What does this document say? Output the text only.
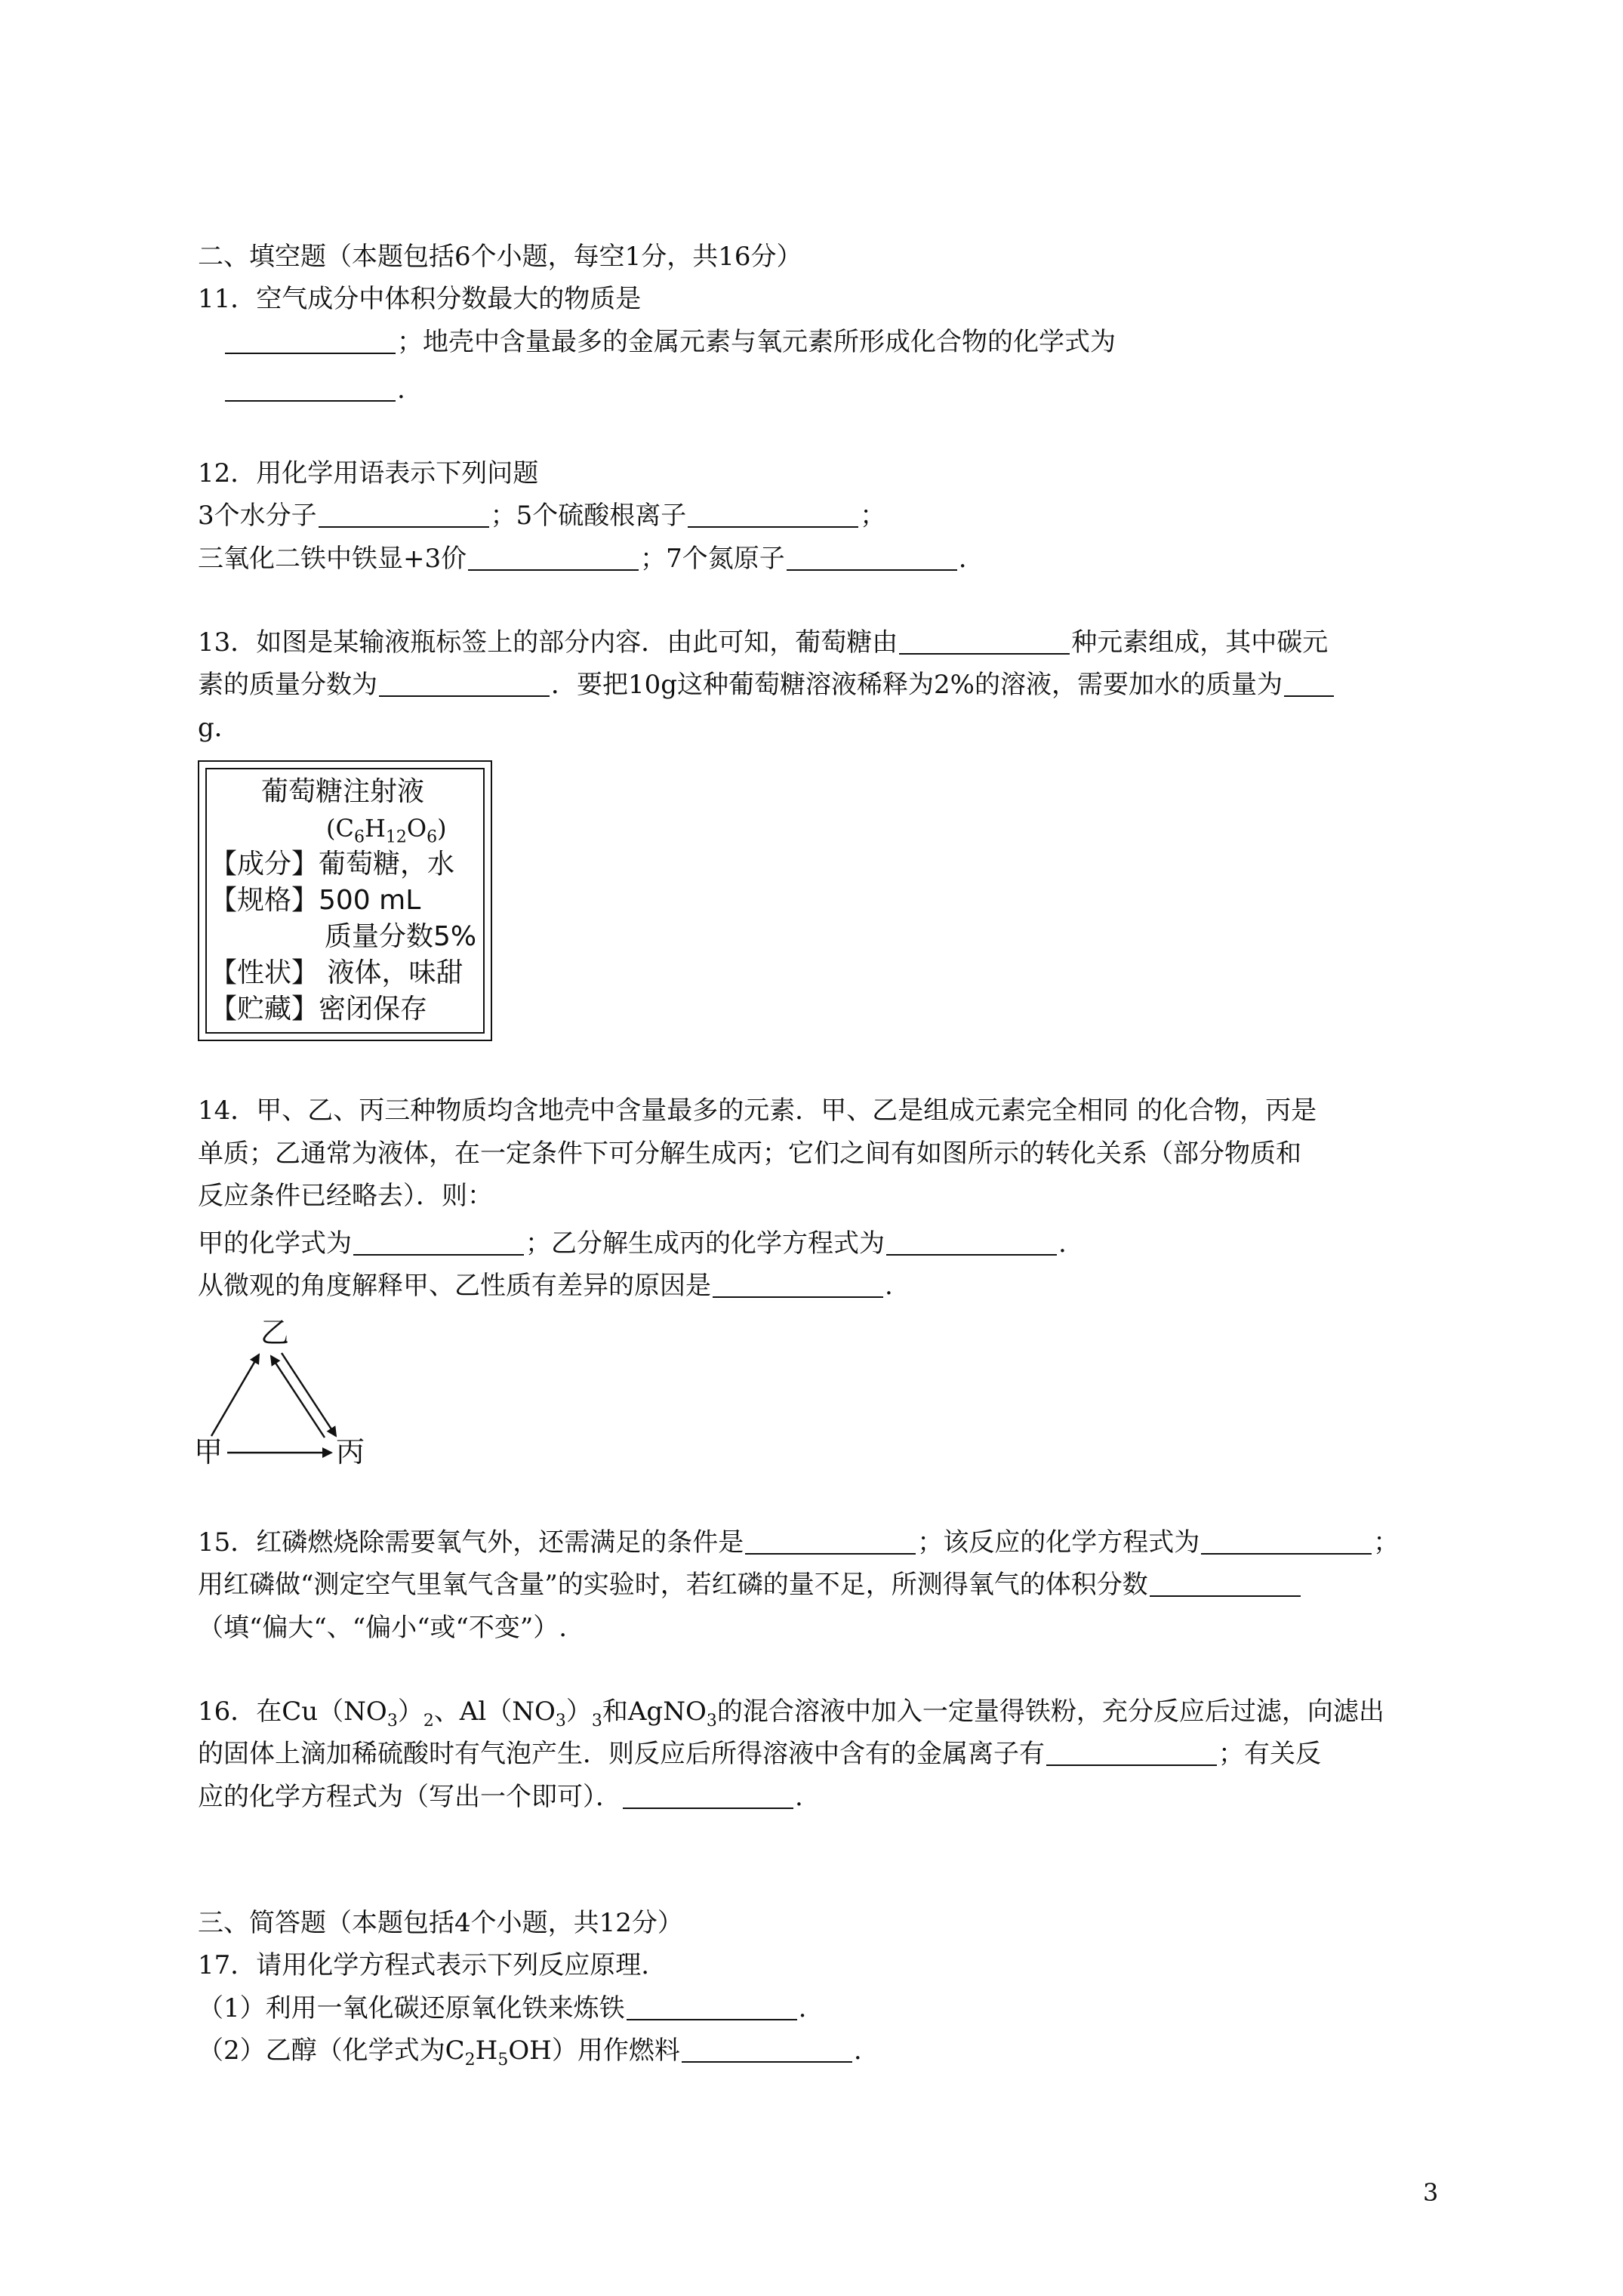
二、填空题（本题包括6个小题，每空1分，共16分）
11．空气成分中体积分数最大的物质是
；地壳中含量最多的金属元素与氧元素所形成化合物的化学式为
.
12．用化学用语表示下列问题
3个水分子	；5个硫酸根离子	；
三氧化二铁中铁显+3价	；7个氮原子	.
13．如图是某输液瓶标签上的部分内容．由此可知，葡萄糖由	种元素组成，其中碳元
素的质量分数为	．要把10g这种葡萄糖溶液稀释为2%的溶液，需要加水的质量为
g．
葡萄糖注射液
$(C_6H_{12}O_6)$
【成分】葡萄糖，水
【规格】500 mL
质量分数5%
【性状】 液体，味甜
【贮藏】密闭保存
14．甲、乙、丙三种物质均含地壳中含量最多的元素．甲、乙是组成元素完全相同 的化合物，丙是
单质；乙通常为液体，在一定条件下可分解生成丙；它们之间有如图所示的转化关系（部分物质和
反应条件已经略去）．则：
甲的化学式为	；乙分解生成丙的化学方程式为	.
从微观的角度解释甲、乙性质有差异的原因是	.
乙
甲	丙
15．红磷燃烧除需要氧气外，还需满足的条件是	；该反应的化学方程式为	；
用红磷做“测定空气里氧气含量”的实验时，若红磷的量不足，所测得氧气的体积分数
（填“偏大“、“偏小“或“不变”）.
16．在$Cu(NO_3)_2$、$Al(NO_3)_3$和AgNO$_3$的混合溶液中加入一定量得铁粉，充分反应后过滤，向滤出
的固体上滴加稀硫酸时有气泡产生．则反应后所得溶液中含有的金属离子有	；有关反
应的化学方程式为（写出一个即可）．	.
三、简答题（本题包括4个小题，共12分）
17．请用化学方程式表示下列反应原理.
（1）利用一氧化碳还原氧化铁来炼铁	.
（2）乙醇（化学式为$C_2H_5OH$）用作燃料	.
3
